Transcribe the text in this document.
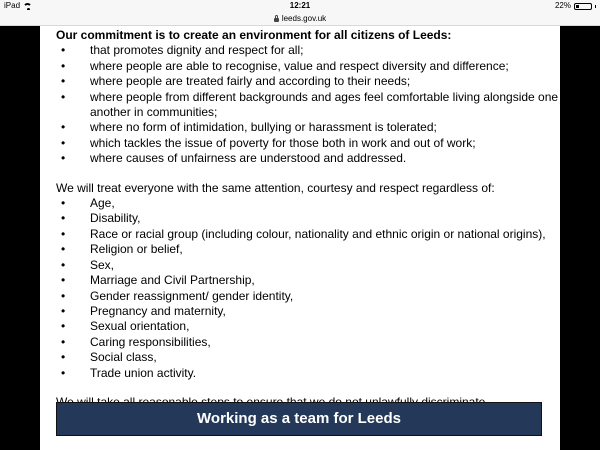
iPad	12:21	22%
leeds.gov.uk

Our commitment is to create an environment for all citizens of Leeds:

• that promotes dignity and respect for all;
• where people are able to recognise, value and respect diversity and difference;
• where people are treated fairly and according to their needs;
• where people from different backgrounds and ages feel comfortable living alongside one another in communities;
• where no form of intimidation, bullying or harassment is tolerated;
• which tackles the issue of poverty for those both in work and out of work;
• where causes of unfairness are understood and addressed.

We will treat everyone with the same attention, courtesy and respect regardless of:

• Age,
• Disability,
• Race or racial group (including colour, nationality and ethnic origin or national origins),
• Religion or belief,
• Sex,
• Marriage and Civil Partnership,
• Gender reassignment/ gender identity,
• Pregnancy and maternity,
• Sexual orientation,
• Caring responsibilities,
• Social class,
• Trade union activity.

Working as a team for Leeds
